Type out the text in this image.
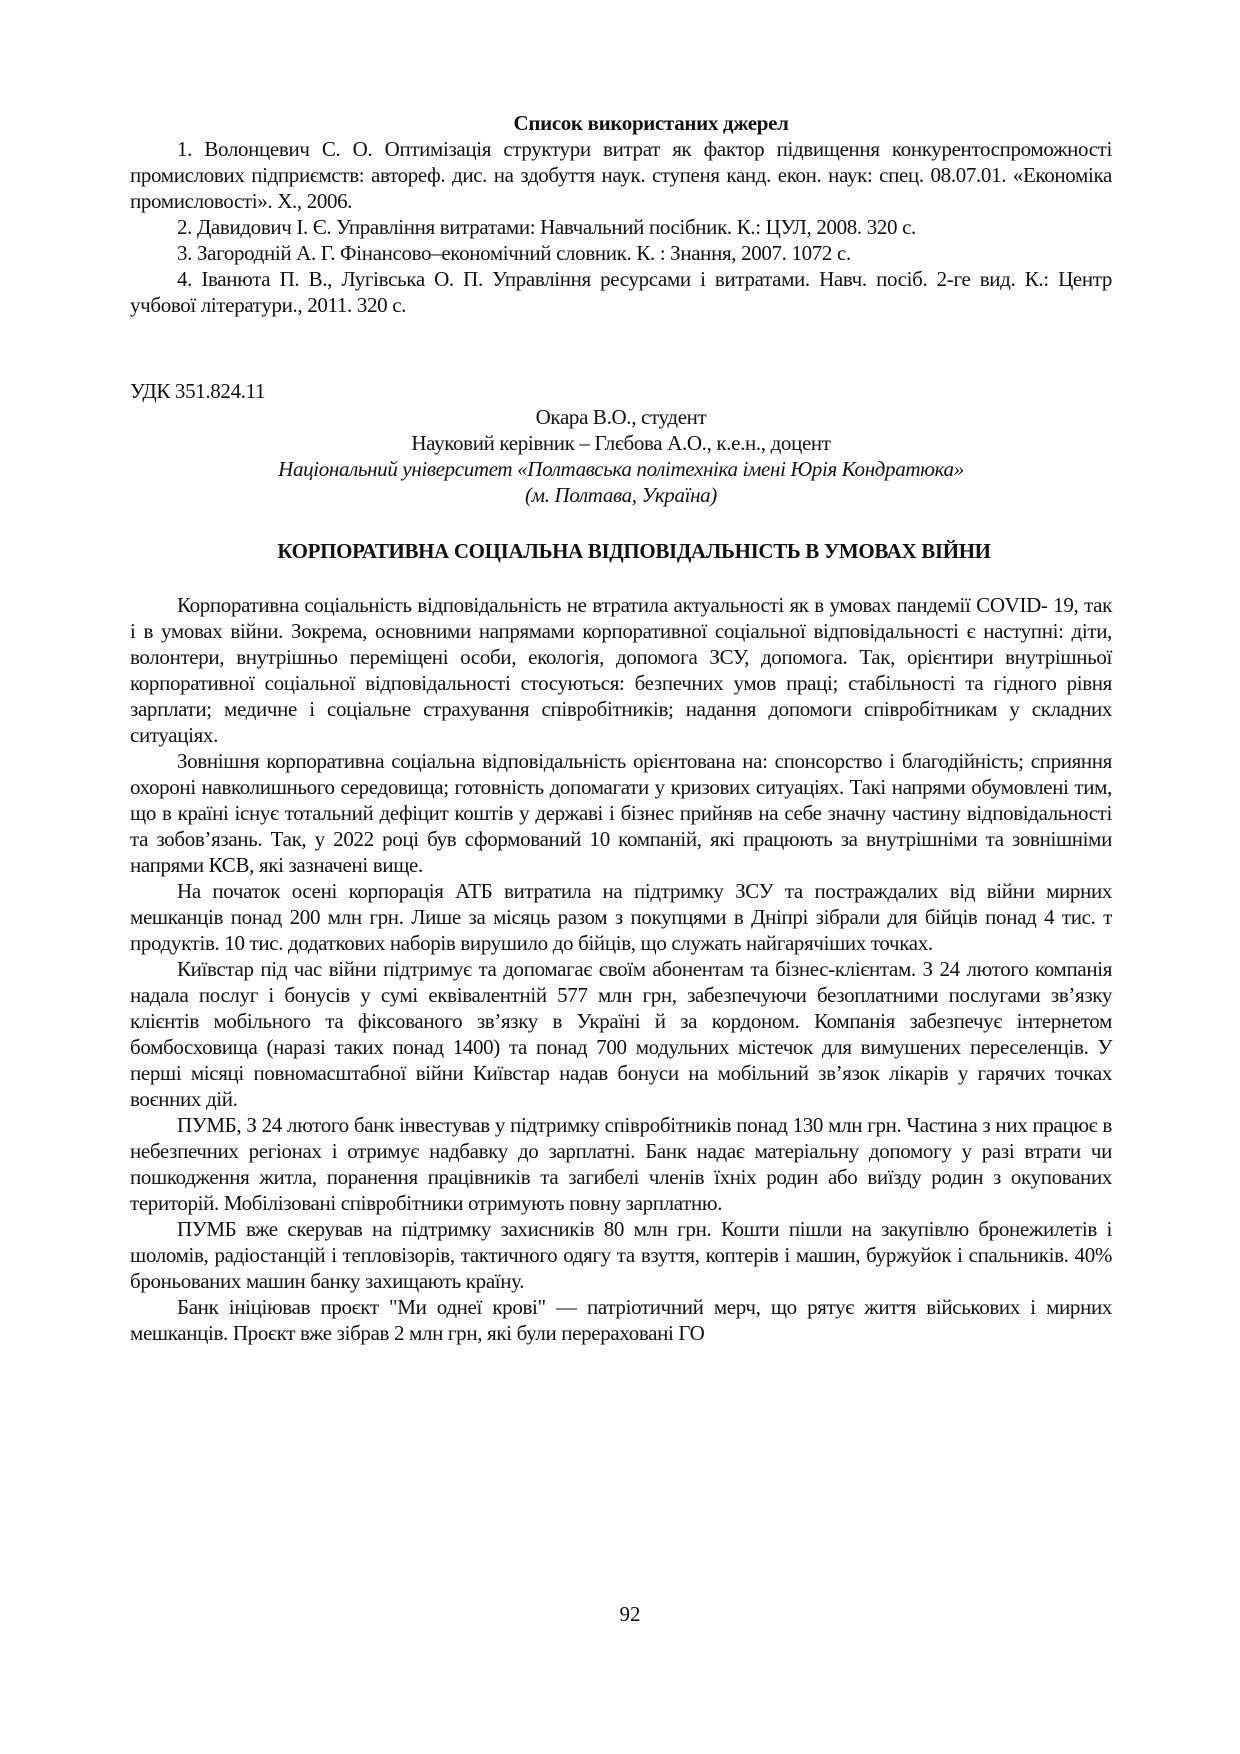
Список використаних джерел

1. Волонцевич С. О. Оптимізація структури витрат як фактор підвищення конкурентоспроможності промислових підприємств: автореф. дис. на здобуття наук. ступеня канд. екон. наук: спец. 08.07.01. «Економіка промисловості». Х., 2006.

2. Давидович І. Є. Управління витратами: Навчальний посібник. К.: ЦУЛ, 2008. 320 с.

3. Загородній А. Г. Фінансово–економічний словник. К. : Знання, 2007. 1072 с.

4. Іванюта П. В., Лугівська О. П. Управління ресурсами і витратами. Навч. посіб. 2-ге вид. К.: Центр учбової літератури., 2011. 320 с.

УДК 351.824.11

Окара В.О., студент
Науковий керівник – Глєбова А.О., к.е.н., доцент
Національний університет «Полтавська політехніка імені Юрія Кондратюка»
(м. Полтава, Україна)

КОРПОРАТИВНА СОЦІАЛЬНА ВІДПОВІДАЛЬНІСТЬ В УМОВАХ ВІЙНИ

Корпоративна соціальність відповідальність не втратила актуальності як в умовах пандемії COVID- 19, так і в умовах війни. Зокрема, основними напрямами корпоративної соціальної відповідальності є наступні: діти, волонтери, внутрішньо переміщені особи, екологія, допомога ЗСУ, допомога. Так, орієнтири внутрішньої корпоративної соціальної відповідальності стосуються: безпечних умов праці; стабільності та гідного рівня зарплати; медичне і соціальне страхування співробітників; надання допомоги співробітникам у складних ситуаціях.

Зовнішня корпоративна соціальна відповідальність орієнтована на: спонсорство і благодійність; сприяння охороні навколишнього середовища; готовність допомагати у кризових ситуаціях. Такі напрями обумовлені тим, що в країні існує тотальний дефіцит коштів у державі і бізнес прийняв на себе значну частину відповідальності та зобов’язань. Так, у 2022 році був сформований 10 компаній, які працюють за внутрішніми та зовнішніми напрями КСВ, які зазначені вище.

На початок осені корпорація АТБ витратила на підтримку ЗСУ та постраждалих від війни мирних мешканців понад 200 млн грн. Лише за місяць разом з покупцями в Дніпрі зібрали для бійців понад 4 тис. т продуктів. 10 тис. додаткових наборів вирушило до бійців, що служать найгарячіших точках.

Київстар під час війни підтримує та допомагає своїм абонентам та бізнес-клієнтам. З 24 лютого компанія надала послуг і бонусів у сумі еквівалентній 577 млн грн, забезпечуючи безоплатними послугами зв’язку клієнтів мобільного та фіксованого зв’язку в Україні й за кордоном. Компанія забезпечує інтернетом бомбосховища (наразі таких понад 1400) та понад 700 модульних містечок для вимушених переселенців. У перші місяці повномасштабної війни Київстар надав бонуси на мобільний зв’язок лікарів у гарячих точках воєнних дій.

ПУМБ, З 24 лютого банк інвестував у підтримку співробітників понад 130 млн грн. Частина з них працює в небезпечних регіонах і отримує надбавку до зарплатні. Банк надає матеріальну допомогу у разі втрати чи пошкодження житла, поранення працівників та загибелі членів їхніх родин або виїзду родин з окупованих територій. Мобілізовані співробітники отримують повну зарплатню.

ПУМБ вже скерував на підтримку захисників 80 млн грн. Кошти пішли на закупівлю бронежилетів і шоломів, радіостанцій і тепловізорів, тактичного одягу та взуття, коптерів і машин, буржуйок і спальників. 40% броньованих машин банку захищають країну.

Банк ініціював проєкт "Ми однеї крові" — патріотичний мерч, що рятує життя військових і мирних мешканців. Проєкт вже зібрав 2 млн грн, які були перераховані ГО

92
